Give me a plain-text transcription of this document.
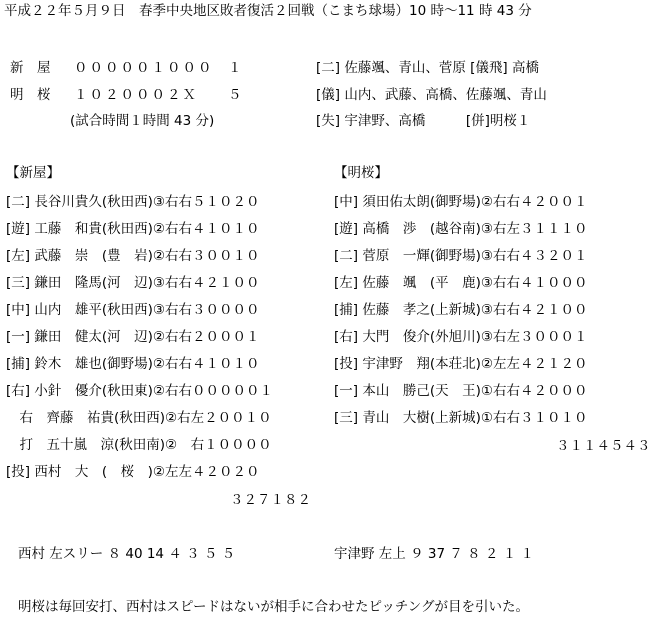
平成２２年５月９日　春季中央地区敗者復活２回戦（こまち球場）10 時～11 時 43 分
新　屋 ０００００１０００ １
明　桜 １０２０００２Ｘ ５
(試合時間１時間 43 分)
[二] 佐藤颯、青山、菅原 [儀飛] 高橋
[儀] 山内、武藤、高橋、佐藤颯、青山
[失] 宇津野、高橋　　　[併]明桜１
【新屋】
[二] 長谷川貴久(秋田西)③右右５１０２０
[遊] 工藤　和貴(秋田西)②右右４１０１０
[左] 武藤　崇　(豊　岩)②右右３００１０
[三] 鎌田　隆馬(河　辺)③右右４２１００
[中] 山内　雄平(秋田西)③右右３００００
[一] 鎌田　健太(河　辺)②右右２０００１
[捕] 鈴木　雄也(御野場)②右右４１０１０
[右] 小針　優介(秋田東)②右右０００００１
　右　齊藤　祐貴(秋田西)②右左２００１０
　打　五十嵐　涼(秋田南)②　右１００００
[投] 西村　大　(　桜　)②左左４２０２０
３２７１８２
【明桜】
[中] 須田佑太朗(御野場)②右右４２００１
[遊] 高橋　渉　(越谷南)③右左３１１１０
[二] 菅原　一輝(御野場)③右右４３２０１
[左] 佐藤　颯　(平　鹿)③右右４１０００
[捕] 佐藤　孝之(上新城)③右右４２１００
[右] 大門　俊介(外旭川)③右左３０００１
[投] 宇津野　翔(本荘北)②左左４２１２０
[一] 本山　勝己(天　王)①右右４２０００
[三] 青山　大樹(上新城)①右右３１０１０
３１１４５４３
西村 左スリー ８ 40 14 ４ ３ ５ ５	宇津野 左上 ９ 37 ７ ８ ２ １ １
明桜は毎回安打、西村はスピードはないが相手に合わせたピッチングが目を引いた。
